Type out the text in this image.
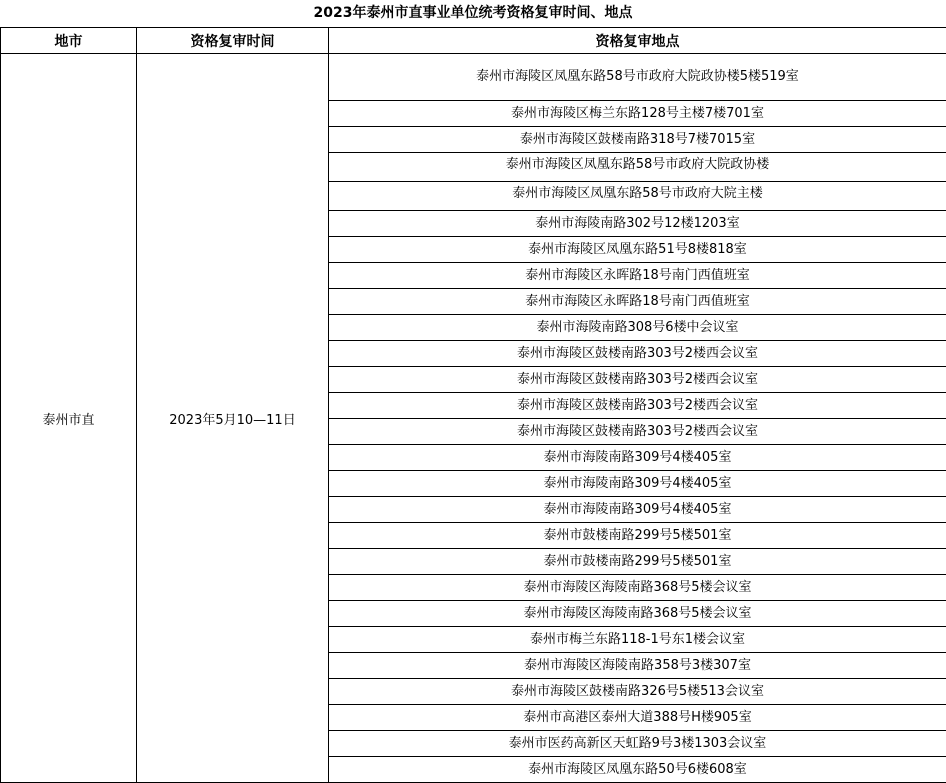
2023年泰州市直事业单位统考资格复审时间、地点
地市	资格复审时间	资格复审地点
泰州市直	2023年5月10—11日	泰州市海陵区凤凰东路58号市政府大院政协楼5楼519室

		泰州市海陵区梅兰东路128号主楼7楼701室

		泰州市海陵区鼓楼南路318号7楼7015室

		泰州市海陵区凤凰东路58号市政府大院政协楼

		泰州市海陵区凤凰东路58号市政府大院主楼

		泰州市海陵南路302号12楼1203室

		泰州市海陵区凤凰东路51号8楼818室

		泰州市海陵区永晖路18号南门西值班室

		泰州市海陵区永晖路18号南门西值班室

		泰州市海陵南路308号6楼中会议室

		泰州市海陵区鼓楼南路303号2楼西会议室

		泰州市海陵区鼓楼南路303号2楼西会议室

		泰州市海陵区鼓楼南路303号2楼西会议室

		泰州市海陵区鼓楼南路303号2楼西会议室

		泰州市海陵南路309号4楼405室

		泰州市海陵南路309号4楼405室

		泰州市海陵南路309号4楼405室

		泰州市鼓楼南路299号5楼501室

		泰州市鼓楼南路299号5楼501室

		泰州市海陵区海陵南路368号5楼会议室

		泰州市海陵区海陵南路368号5楼会议室

		泰州市梅兰东路118-1号东1楼会议室

		泰州市海陵区海陵南路358号3楼307室

		泰州市海陵区鼓楼南路326号5楼513会议室

		泰州市高港区泰州大道388号H楼905室

		泰州市医药高新区天虹路9号3楼1303会议室

		泰州市海陵区凤凰东路50号6楼608室
